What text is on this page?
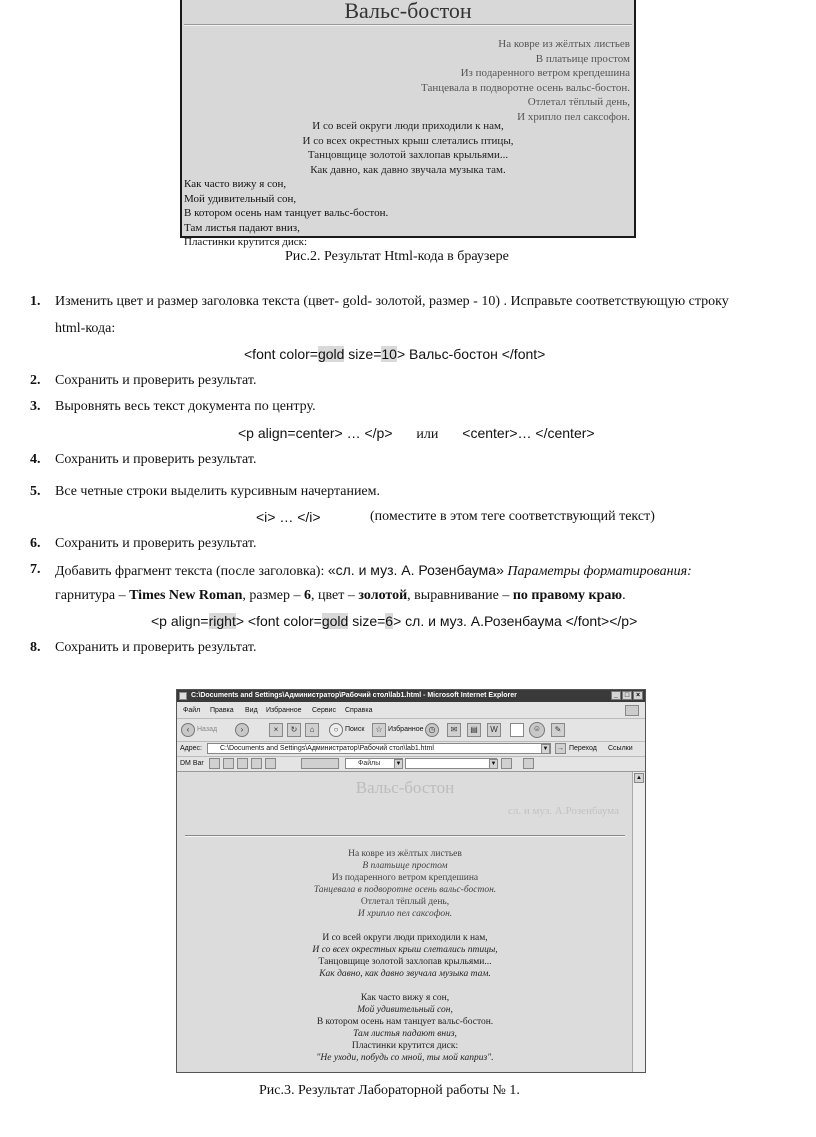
Вальс-бостон
На ковре из жёлтых листьев
В платьице простом
Из подаренного ветром крепдешина
Танцевала в подворотне осень вальс-бостон.
Отлетал тёплый день,
И хрипло пел саксофон.
И со всей округи люди приходили к нам,
И со всех окрестных крыш слетались птицы,
Танцовщице золотой захлопав крыльями...
Как давно, как давно звучала музыка там.
Как часто вижу я сон,
Мой удивительный сон,
В котором осень нам танцует вальс-бостон.
Там листья падают вниз,
Пластинки крутится диск:
Рис.2. Результат Html-кода в браузере
1. Изменить цвет и размер заголовка текста (цвет- gold- золотой, размер - 10) . Исправьте соответствующую строку
html-кода:
<font color=gold size=10> Вальс-бостон </font>
2. Сохранить и проверить результат.
3. Выровнять весь текст документа по центру.
<p align=center> … </p> или <center>… </center>
4. Сохранить и проверить результат.
5. Все четные строки выделить курсивным начертанием.
<i> … </i>	(поместите в этом теге соответствующий текст)
6. Сохранить и проверить результат.
7. Добавить фрагмент текста (после заголовка): «сл. и муз. А. Розенбаума» Параметры форматирования:
гарнитура – Times New Roman, размер – 6, цвет – золотой, выравнивание – по правому краю.
<p align=right> <font color=gold size=6> сл. и муз. А.Розенбаума </font></p>
8. Сохранить и проверить результат.
C:\Documents and Settings\Администратор\Рабочий стол\lab1.html - Microsoft Internet Explorer	_ □ ×
Файл Правка Вид Избранное Сервис Справка
‹	Назад	›	×	↻	⌂	○ Поиск	☆ Избранное ◷	✉	▤	W	☺	✎
Адрес:	C:\Documents and Settings\Администратор\Рабочий стол\lab1.html	▼ → Переход Ссылки
DM Bar	Файлы	▼	▼
Вальс-бостон
сл. и муз. А.Розенбаума
На ковре из жёлтых листьев
В платьице простом
Из подаренного ветром крепдешина
Танцевала в подворотне осень вальс-бостон.
Отлетал тёплый день,
И хрипло пел саксофон.
И со всей округи люди приходили к нам,
И со всех окрестных крыш слетались птицы,
Танцовщице золотой захлопав крыльями...
Как давно, как давно звучала музыка там.
Как часто вижу я сон,
Мой удивительный сон,
В котором осень нам танцует вальс-бостон.
Там листья падают вниз,
Пластинки крутится диск:
"Не уходи, побудь со мной, ты мой каприз".
▲
Рис.3. Результат Лабораторной работы № 1.
